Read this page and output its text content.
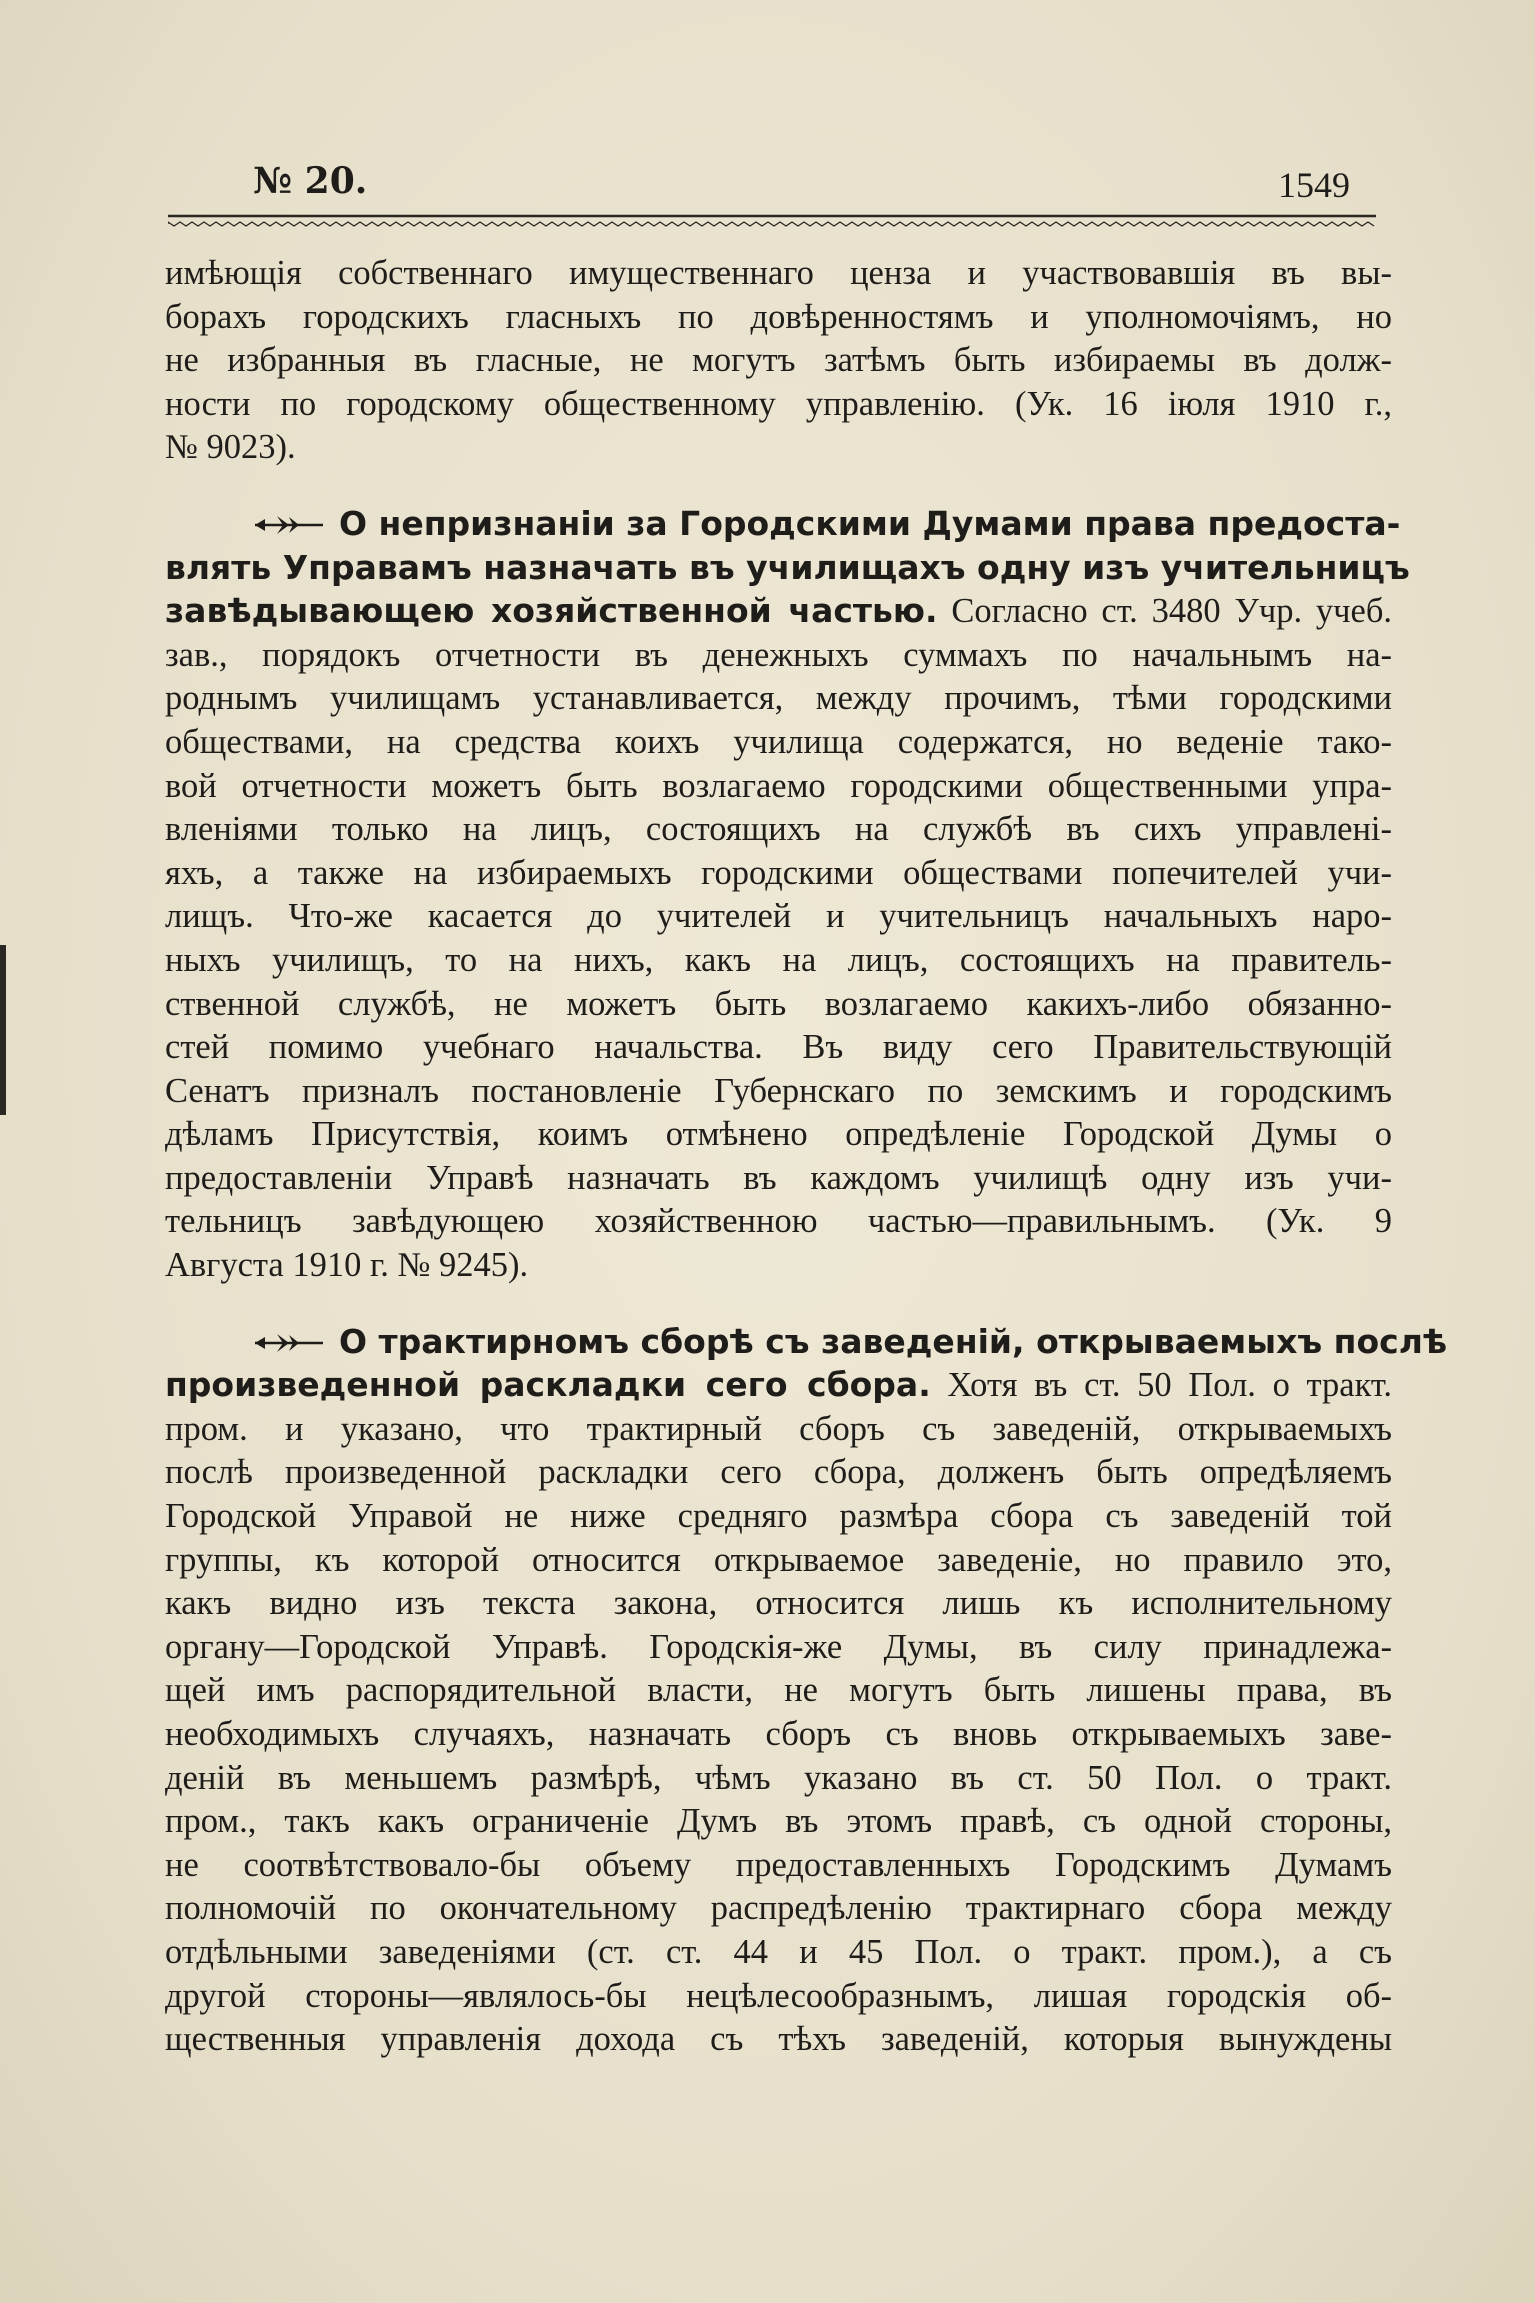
№ 20.	1549
имѣющія собственнаго имущественнаго ценза и участвовавшія въ вы-
борахъ городскихъ гласныхъ по довѣренностямъ и уполномочіямъ, но
не избранныя въ гласные, не могутъ затѣмъ быть избираемы въ долж-
ности по городскому общественному управленію. (Ук. 16 іюля 1910 г.,
№ 9023).
О непризнаніи за Городскими Думами права предоста-
влять Управамъ назначать въ училищахъ одну изъ учительницъ
завѣдывающею хозяйственной частью. Согласно ст. 3480 Учр. учеб.
зав., порядокъ отчетности въ денежныхъ суммахъ по начальнымъ на-
роднымъ училищамъ устанавливается, между прочимъ, тѣми городскими
обществами, на средства коихъ училища содержатся, но веденіе тако-
вой отчетности можетъ быть возлагаемо городскими общественными упра-
вленіями только на лицъ, состоящихъ на службѣ въ сихъ управлені-
яхъ, а также на избираемыхъ городскими обществами попечителей учи-
лищъ. Что-же касается до учителей и учительницъ начальныхъ наро-
ныхъ училищъ, то на нихъ, какъ на лицъ, состоящихъ на правитель-
ственной службѣ, не можетъ быть возлагаемо какихъ-либо обязанно-
стей помимо учебнаго начальства. Въ виду сего Правительствующій
Сенатъ призналъ постановленіе Губернскаго по земскимъ и городскимъ
дѣламъ Присутствія, коимъ отмѣнено опредѣленіе Городской Думы о
предоставленіи Управѣ назначать въ каждомъ училищѣ одну изъ учи-
тельницъ завѣдующею хозяйственною частью—правильнымъ. (Ук. 9
Августа 1910 г. № 9245).
О трактирномъ сборѣ съ заведеній, открываемыхъ послѣ
произведенной раскладки сего сбора. Хотя въ ст. 50 Пол. о тракт.
пром. и указано, что трактирный сборъ съ заведеній, открываемыхъ
послѣ произведенной раскладки сего сбора, долженъ быть опредѣляемъ
Городской Управой не ниже средняго размѣра сбора съ заведеній той
группы, къ которой относится открываемое заведеніе, но правило это,
какъ видно изъ текста закона, относится лишь къ исполнительному
органу—Городской Управѣ. Городскія-же Думы, въ силу принадлежа-
щей имъ распорядительной власти, не могутъ быть лишены права, въ
необходимыхъ случаяхъ, назначать сборъ съ вновь открываемыхъ заве-
деній въ меньшемъ размѣрѣ, чѣмъ указано въ ст. 50 Пол. о тракт.
пром., такъ какъ ограниченіе Думъ въ этомъ правѣ, съ одной стороны,
не соотвѣтствовало-бы объему предоставленныхъ Городскимъ Думамъ
полномочій по окончательному распредѣленію трактирнаго сбора между
отдѣльными заведеніями (ст. ст. 44 и 45 Пол. о тракт. пром.), а съ
другой стороны—являлось-бы нецѣлесообразнымъ, лишая городскія об-
щественныя управленія дохода съ тѣхъ заведеній, которыя вынуждены
